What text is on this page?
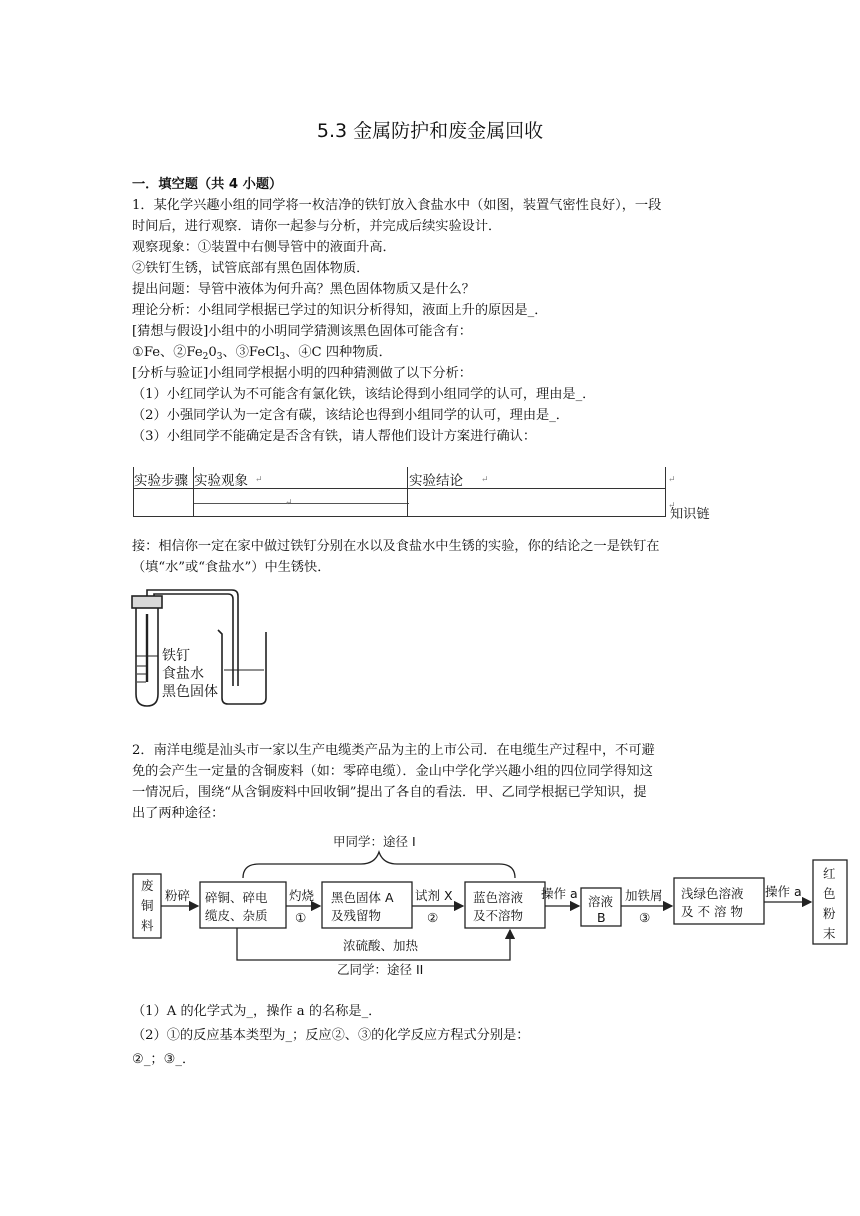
5.3 金属防护和废金属回收
一．填空题（共 4 小题）
1．某化学兴趣小组的同学将一枚洁净的铁钉放入食盐水中（如图，装置气密性良好），一段
时间后，进行观察．请你一起参与分析，并完成后续实验设计．
观察现象：①装置中右侧导管中的液面升高．
②铁钉生锈，试管底部有黑色固体物质．
提出问题：导管中液体为何升高？黑色固体物质又是什么？
理论分析：小组同学根据已学过的知识分析得知，液面上升的原因是_．
[猜想与假设]小组中的小明同学猜测该黑色固体可能含有：
①Fe、$②Fe_20_3$、③FeCl$_3$、④C 四种物质．
[分析与验证]小组同学根据小明的四种猜测做了以下分析：
（1）小红同学认为不可能含有氯化铁，该结论得到小组同学的认可，理由是_．
（2）小强同学认为一定含有碳，该结论也得到小组同学的认可，理由是_．
（3）小组同学不能确定是否含有铁，请人帮他们设计方案进行确认：
实验步骤 实验观象	实验结论
↵	↵
↵
↵
↵
知识链
接：相信你一定在家中做过铁钉分别在水以及食盐水中生锈的实验，你的结论之一是铁钉在
（填“水”或“食盐水”）中生锈快．
铁钉
食盐水
黑色固体
2．南洋电缆是汕头市一家以生产电缆类产品为主的上市公司．在电缆生产过程中，不可避
免的会产生一定量的含铜废料（如：零碎电缆）．金山中学化学兴趣小组的四位同学得知这
一情况后，围绕“从含铜废料中回收铜”提出了各自的看法．甲、乙同学根据已学知识，提
出了两种途径：
甲同学：途径 I
乙同学：途径 II
浓硫酸、加热
废
铜
料
粉碎 碎铜、碎电
缆皮、杂质
灼烧
①
黑色固体 A
及残留物
试剂 X
②
蓝色溶液
及不溶物
操作 a
溶液
B
加铁屑
③
浅绿色溶液
及 不 溶 物
操作 a
红
色
粉
末
（1）A 的化学式为_，操作 a 的名称是_．
（2）①的反应基本类型为_；反应②、③的化学反应方程式分别是：
②_；③_．
